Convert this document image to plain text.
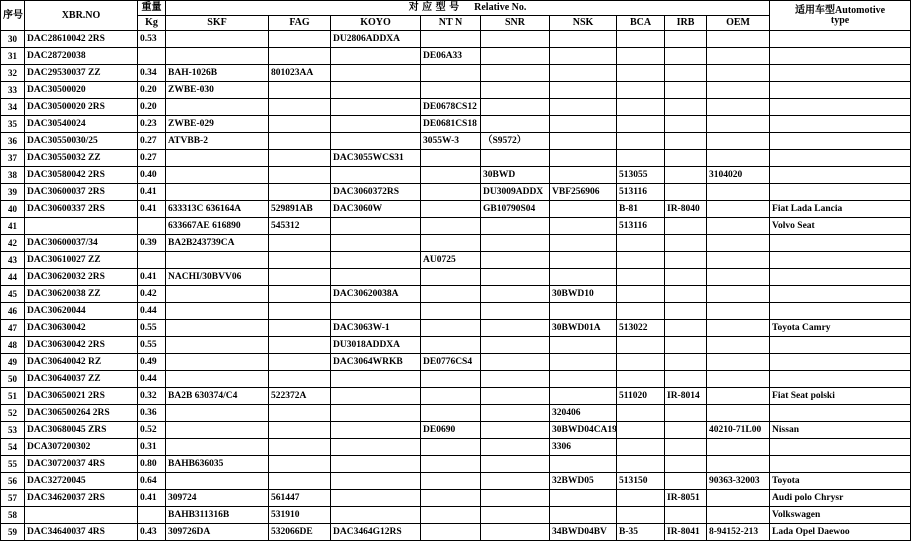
序号	XBR.NO	重量	对 应 型 号 Relative No.									适用车型Automotive
type
		Kg	SKF	FAG	KOYO	NT N	SNR	NSK	BCA	IRB	OEM	
30	DAC28610042 2RS	0.53			DU2806ADDXA							
31	DAC28720038					DE06A33						
32	DAC29530037 ZZ	0.34	BAH-1026B	801023AA								
33	DAC30500020	0.20	ZWBE-030									
34	DAC30500020 2RS	0.20				DE0678CS12						
35	DAC30540024	0.23	ZWBE-029			DE0681CS18						
36	DAC30550030/25	0.27	ATVBB-2			3055W-3	（S9572）					
37	DAC30550032 ZZ	0.27			DAC3055WCS31							
38	DAC30580042 2RS	0.40					30BWD		513055		3104020	
39	DAC30600037 2RS	0.41			DAC3060372RS		DU3009ADDX	VBF256906	513116			
40	DAC30600337 2RS	0.41	633313C 636164A	529891AB	DAC3060W		GB10790S04		B-81	IR-8040		Fiat Lada Lancia
41			633667AE 616890	545312					513116			Volvo Seat
42	DAC30600037/34	0.39	BA2B243739CA									
43	DAC30610027 ZZ					AU0725						
44	DAC30620032 2RS	0.41	NACHI/30BVV06									
45	DAC30620038 ZZ	0.42			DAC30620038A			30BWD10				
46	DAC30620044	0.44										
47	DAC30630042	0.55			DAC3063W-1			30BWD01A	513022			Toyota Camry
48	DAC30630042 2RS	0.55			DU3018ADDXA							
49	DAC30640042 RZ	0.49			DAC3064WRKB	DE0776CS4						
50	DAC30640037 ZZ	0.44										
51	DAC30650021 2RS	0.32	BA2B 630374/C4	522372A					511020	IR-8014		Fiat Seat polski
52	DAC306500264 2RS	0.36						320406				
53	DAC30680045 ZRS	0.52				DE0690		30BWD04CA19			40210-71L00	Nissan
54	DCA307200302	0.31						3306				
55	DAC30720037 4RS	0.80	BAHB636035									
56	DAC32720045	0.64						32BWD05	513150		90363-32003	Toyota
57	DAC34620037 2RS	0.41	309724	561447						IR-8051		Audi polo Chrysr
58			BAHB311316B	531910								Volkswagen
59	DAC34640037 4RS	0.43	309726DA	532066DE	DAC3464G12RS			34BWD04BV	B-35	IR-8041	8-94152-213	Lada Opel Daewoo
